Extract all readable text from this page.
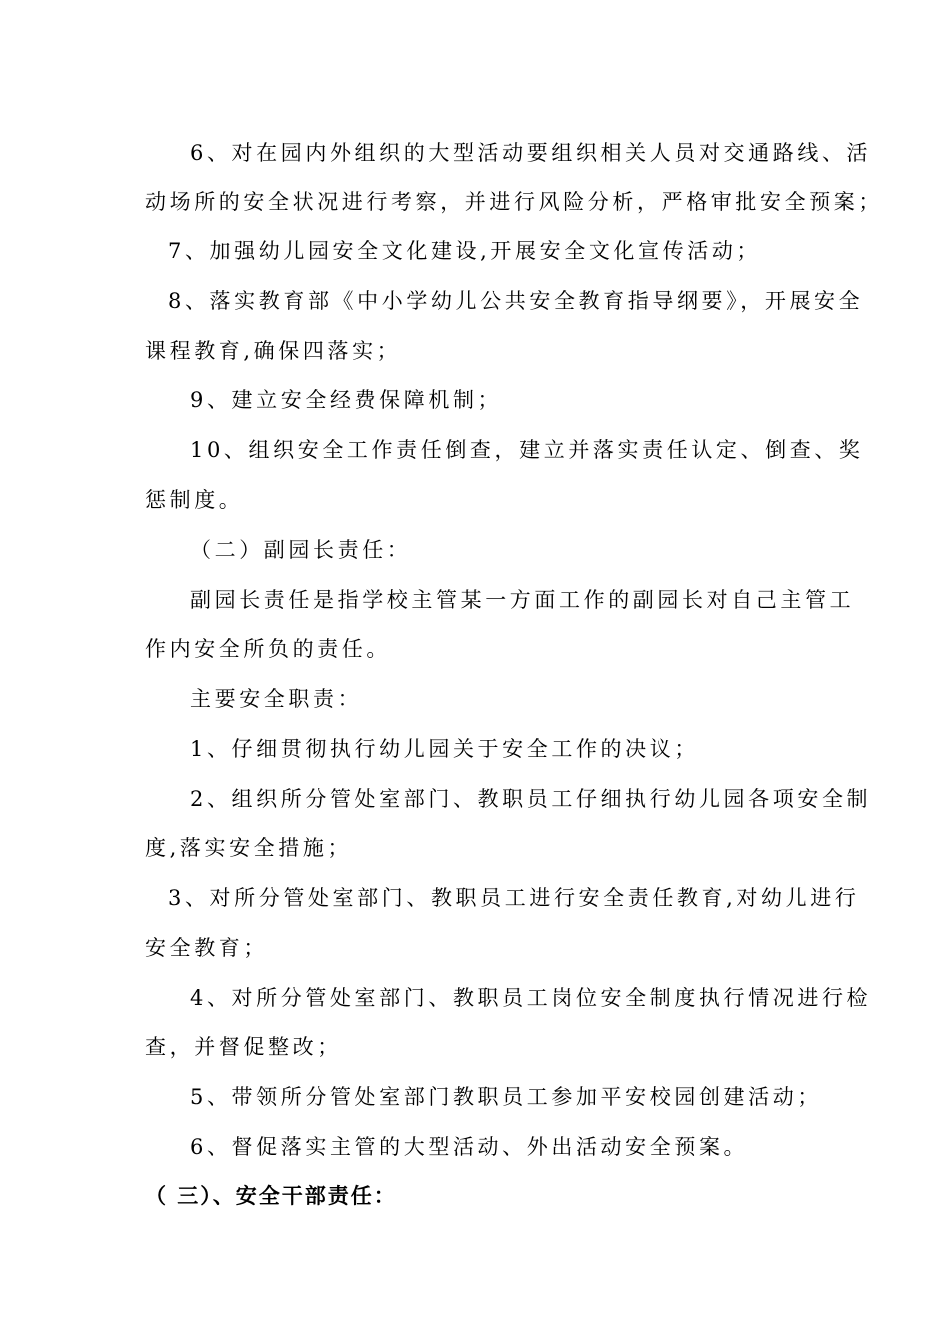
6、对在园内外组织的大型活动要组织相关人员对交通路线、活
动场所的安全状况进行考察，并进行风险分析，严格审批安全预案；
7、加强幼儿园安全文化建设,开展安全文化宣传活动；
8、落实教育部《中小学幼儿公共安全教育指导纲要》，开展安全
课程教育,确保四落实；
9、建立安全经费保障机制；
10、组织安全工作责任倒查，建立并落实责任认定、倒查、奖
惩制度。
（二）副园长责任：
副园长责任是指学校主管某一方面工作的副园长对自己主管工
作内安全所负的责任。
主要安全职责：
1、仔细贯彻执行幼儿园关于安全工作的决议；
2、组织所分管处室部门、教职员工仔细执行幼儿园各项安全制
度,落实安全措施；
3、对所分管处室部门、教职员工进行安全责任教育,对幼儿进行
安全教育；
4、对所分管处室部门、教职员工岗位安全制度执行情况进行检
查，并督促整改；
5、带领所分管处室部门教职员工参加平安校园创建活动；
6、督促落实主管的大型活动、外出活动安全预案。
（ 三）、安全干部责任：
